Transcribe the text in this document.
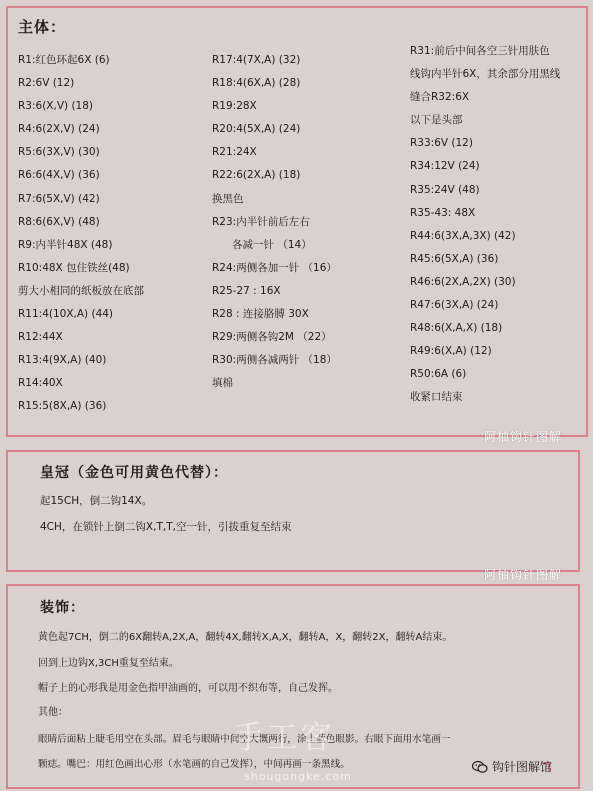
主体：
R1:红色环起6X (6)
R2:6V (12)
R3:6(X,V) (18)
R4:6(2X,V) (24)
R5:6(3X,V) (30)
R6:6(4X,V) (36)
R7:6(5X,V) (42)
R8:6(6X,V) (48)
R9:内半针48X (48)
R10:48X 包住铁丝(48)
剪大小相同的纸板放在底部
R11:4(10X,A) (44)
R12:44X
R13:4(9X,A) (40)
R14:40X
R15:5(8X,A) (36)
R17:4(7X,A) (32)
R18:4(6X,A) (28)
R19:28X
R20:4(5X,A) (24)
R21:24X
R22:6(2X,A) (18)
换黑色
R23:内半针前后左右
各减一针 （14）
R24:两侧各加一针 （16）
R25-27 : 16X
R28 : 连接胳膊 30X
R29:两侧各钩2M （22）
R30:两侧各减两针 （18）
填棉
R31:前后中间各空三针用肤色
线钩内半针6X，其余部分用黑线
缝合R32:6X
以下是头部
R33:6V (12)
R34:12V (24)
R35:24V (48)
R35-43: 48X
R44:6(3X,A,3X) (42)
R45:6(5X,A) (36)
R46:6(2X,A,2X) (30)
R47:6(3X,A) (24)
R48:6(X,A,X) (18)
R49:6(X,A) (12)
R50:6A (6)
收紧口结束
阿柚钩针图解
皇冠（金色可用黄色代替）：
起15CH，倒二钩14X。
4CH，在锁针上倒二钩X,T,T,空一针，引拔重复至结束
阿柚钩针图解
装饰：
黄色起7CH，倒二的6X翻转A,2X,A，翻转4X,翻转X,A,X，翻转A，X，翻转2X，翻转A结束。
回到上边钩X,3CH重复至结束。
帽子上的心形我是用金色指甲油画的，可以用不织布等，自己发挥。
其他：
眼睛后面粘上睫毛用空在头部。眉毛与眼睛中间空大概两行，涂上蓝色眼影。右眼下面用水笔画一
颗痣。嘴巴：用红色画出心形（水笔画的自己发挥），中间再画一条黑线。
手工客
shougongke.com
钩针图解馆
